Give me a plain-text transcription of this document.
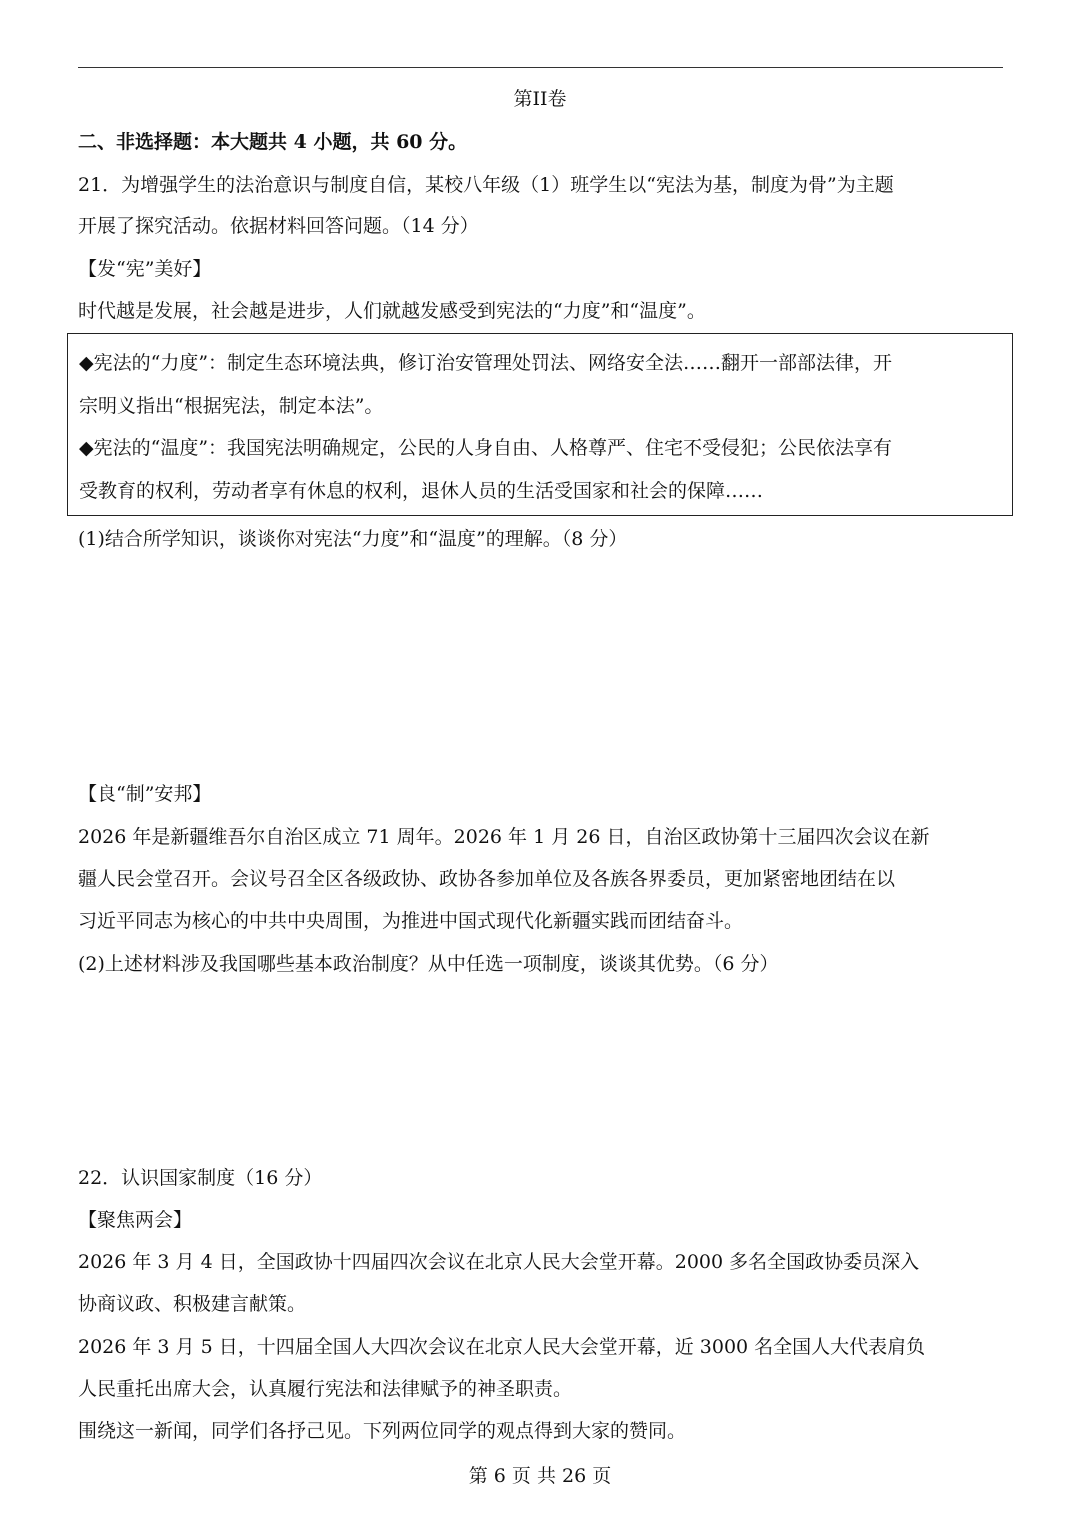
第II卷
二、非选择题：本大题共 4 小题，共 60 分。
21．为增强学生的法治意识与制度自信，某校八年级（1）班学生以“宪法为基，制度为骨”为主题
开展了探究活动。依据材料回答问题。（14 分）
【发“宪”美好】
时代越是发展，社会越是进步，人们就越发感受到宪法的“力度”和“温度”。
◆宪法的“力度”：制定生态环境法典，修订治安管理处罚法、网络安全法……翻开一部部法律，开
宗明义指出“根据宪法，制定本法”。
◆宪法的“温度”：我国宪法明确规定，公民的人身自由、人格尊严、住宅不受侵犯；公民依法享有
受教育的权利，劳动者享有休息的权利，退休人员的生活受国家和社会的保障……
(1)结合所学知识，谈谈你对宪法“力度”和“温度”的理解。（8 分）
【良“制”安邦】
2026 年是新疆维吾尔自治区成立 71 周年。2026 年 1 月 26 日，自治区政协第十三届四次会议在新
疆人民会堂召开。会议号召全区各级政协、政协各参加单位及各族各界委员，更加紧密地团结在以
习近平同志为核心的中共中央周围，为推进中国式现代化新疆实践而团结奋斗。
(2)上述材料涉及我国哪些基本政治制度？从中任选一项制度，谈谈其优势。（6 分）
22．认识国家制度（16 分）
【聚焦两会】
2026 年 3 月 4 日，全国政协十四届四次会议在北京人民大会堂开幕。2000 多名全国政协委员深入
协商议政、积极建言献策。
2026 年 3 月 5 日，十四届全国人大四次会议在北京人民大会堂开幕，近 3000 名全国人大代表肩负
人民重托出席大会，认真履行宪法和法律赋予的神圣职责。
围绕这一新闻，同学们各抒己见。下列两位同学的观点得到大家的赞同。
第 6 页 共 26 页
